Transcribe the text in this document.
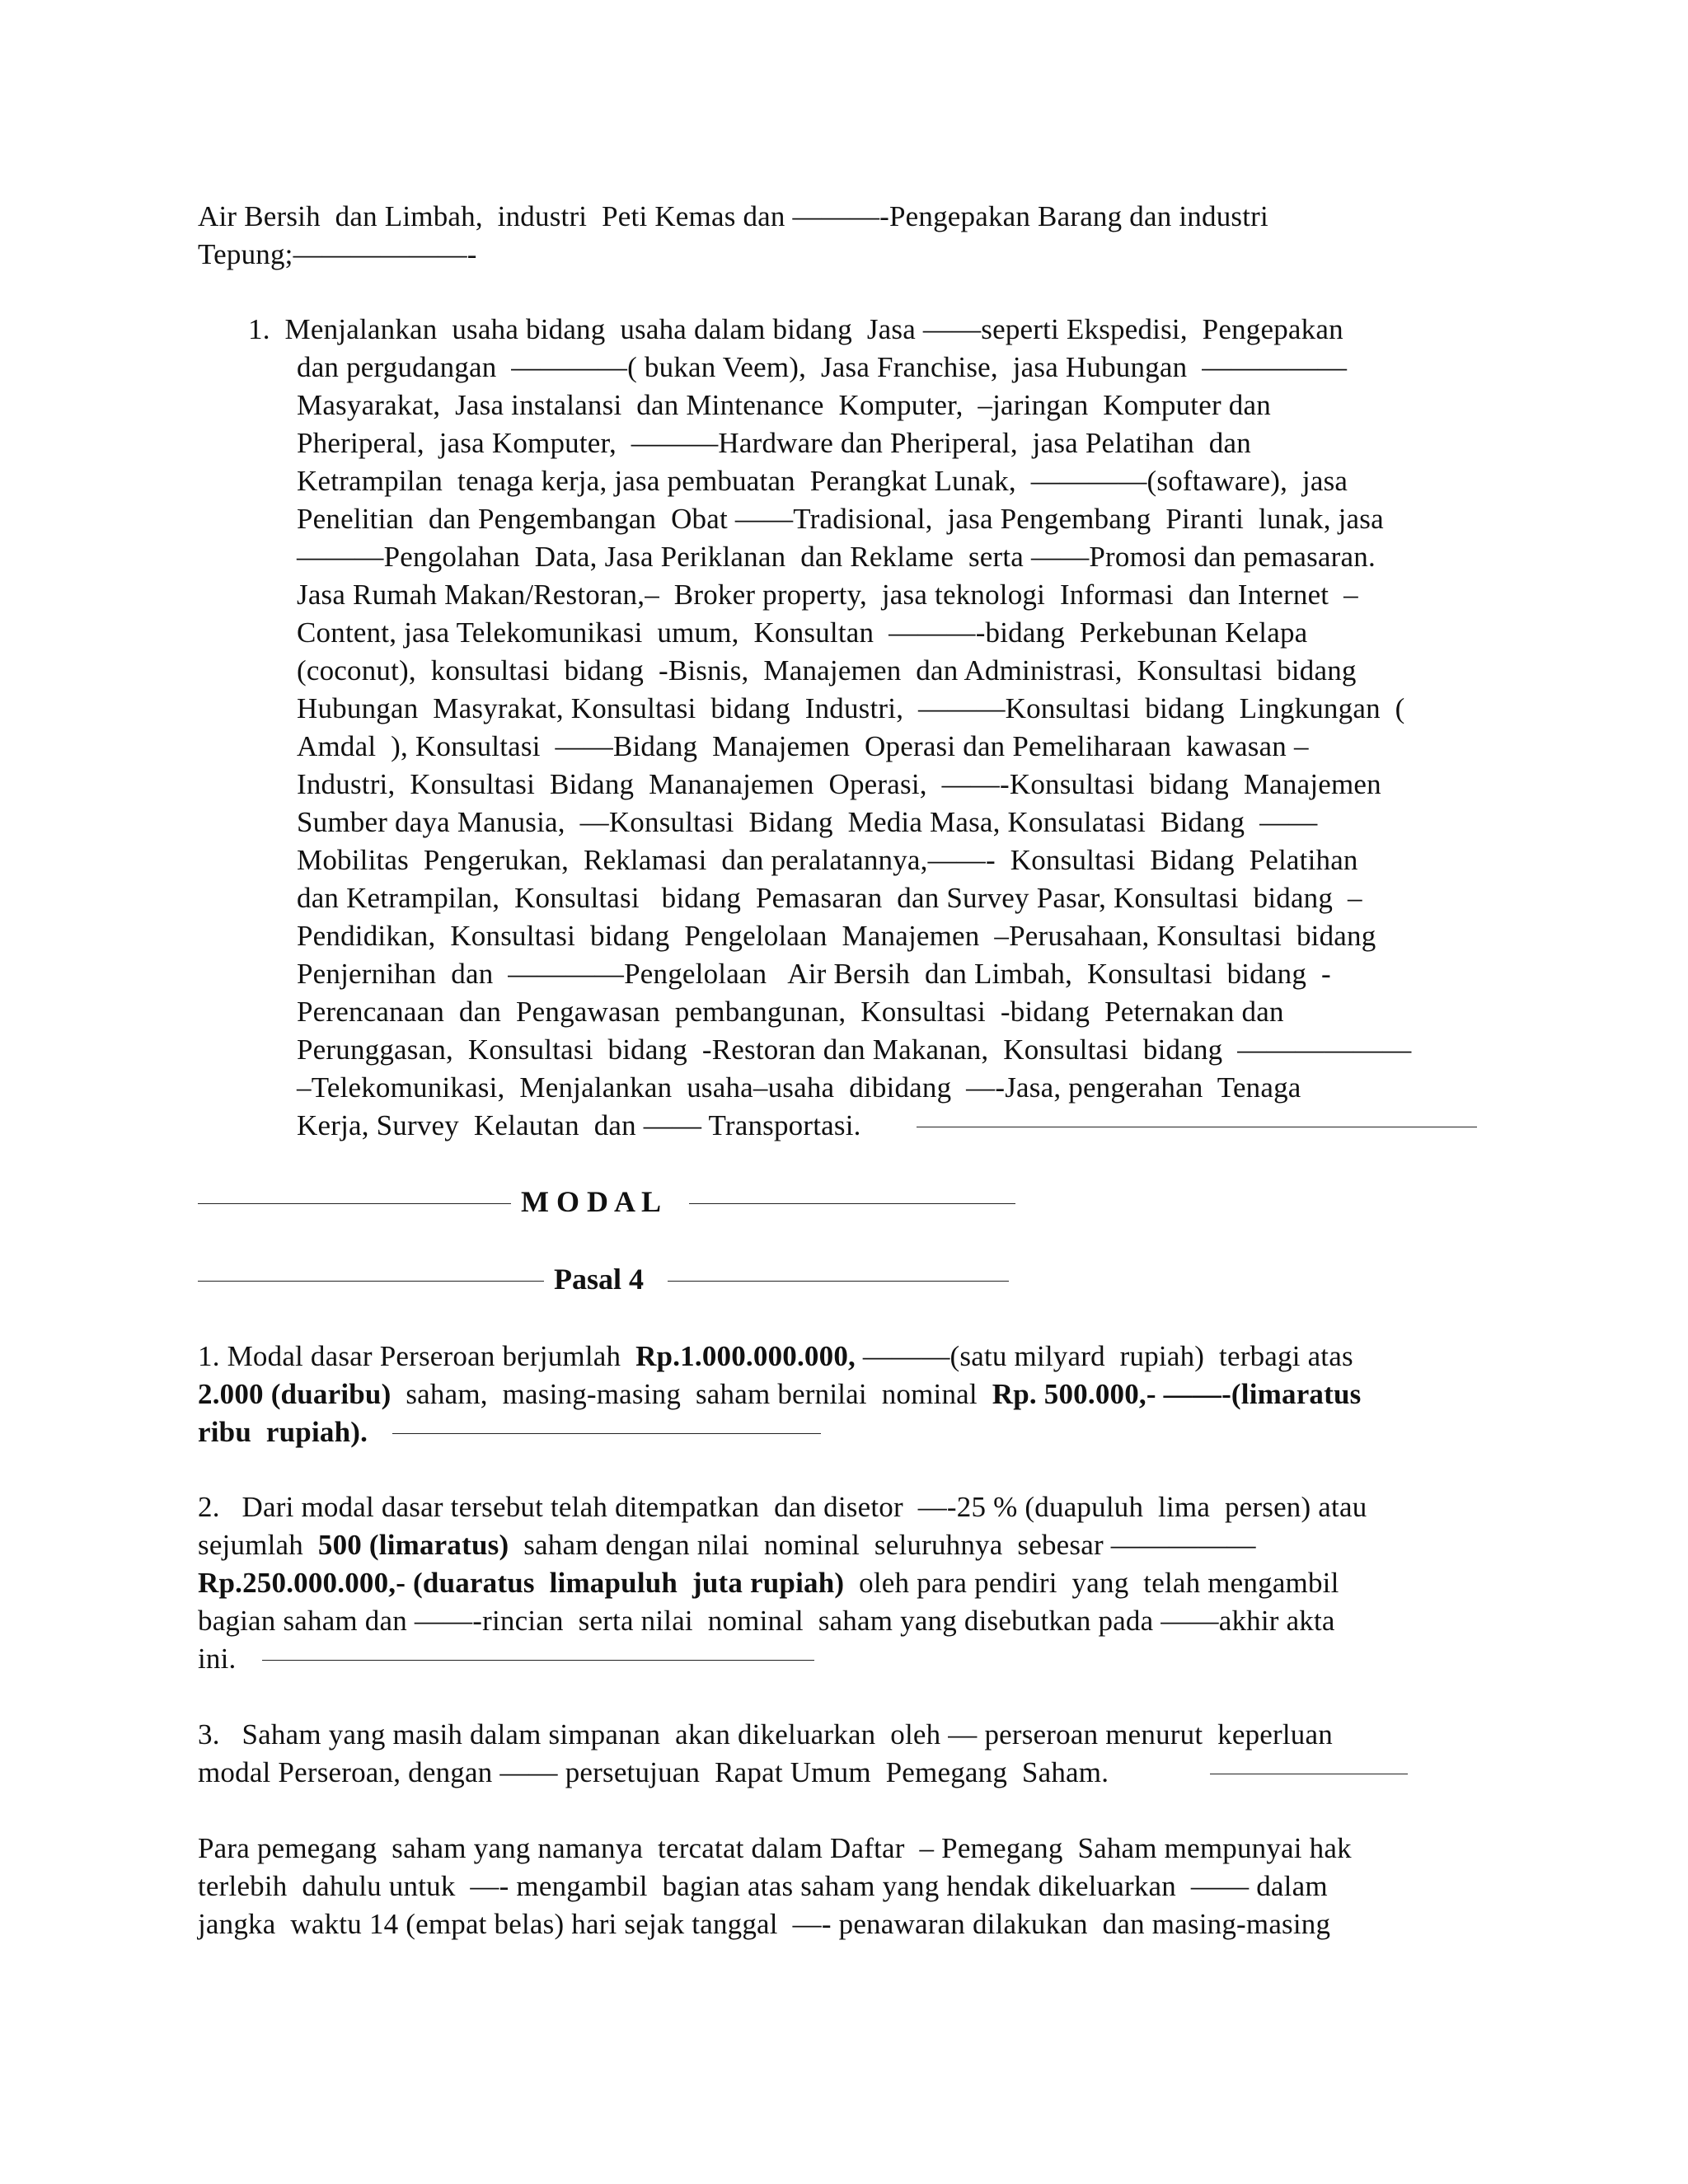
Air Bersih  dan Limbah,  industri  Peti Kemas dan ———-Pengepakan Barang dan industri
Tepung;——————-
1.  Menjalankan  usaha bidang  usaha dalam bidang  Jasa ——seperti Ekspedisi,  Pengepakan
dan pergudangan  ————( bukan Veem),  Jasa Franchise,  jasa Hubungan  —————
Masyarakat,  Jasa instalansi  dan Mintenance  Komputer,  –jaringan  Komputer dan
Pheriperal,  jasa Komputer,  ———Hardware dan Pheriperal,  jasa Pelatihan  dan
Ketrampilan  tenaga kerja, jasa pembuatan  Perangkat Lunak,  ————(softaware),  jasa
Penelitian  dan Pengembangan  Obat ——Tradisional,  jasa Pengembang  Piranti  lunak, jasa
———Pengolahan  Data, Jasa Periklanan  dan Reklame  serta ——Promosi dan pemasaran.
Jasa Rumah Makan/Restoran,–  Broker property,  jasa teknologi  Informasi  dan Internet  –
Content, jasa Telekomunikasi  umum,  Konsultan  ———-bidang  Perkebunan Kelapa
(coconut),  konsultasi  bidang  -Bisnis,  Manajemen  dan Administrasi,  Konsultasi  bidang
Hubungan  Masyrakat, Konsultasi  bidang  Industri,  ———Konsultasi  bidang  Lingkungan  (
Amdal  ), Konsultasi  ——Bidang  Manajemen  Operasi dan Pemeliharaan  kawasan –
Industri,  Konsultasi  Bidang  Mananajemen  Operasi,  ——-Konsultasi  bidang  Manajemen
Sumber daya Manusia,  —Konsultasi  Bidang  Media Masa, Konsulatasi  Bidang  ——
Mobilitas  Pengerukan,  Reklamasi  dan peralatannya,——-  Konsultasi  Bidang  Pelatihan
dan Ketrampilan,  Konsultasi   bidang  Pemasaran  dan Survey Pasar, Konsultasi  bidang  –
Pendidikan,  Konsultasi  bidang  Pengelolaan  Manajemen  –Perusahaan, Konsultasi  bidang
Penjernihan  dan  ————Pengelolaan   Air Bersih  dan Limbah,  Konsultasi  bidang  -
Perencanaan  dan  Pengawasan  pembangunan,  Konsultasi  -bidang  Peternakan dan
Perunggasan,  Konsultasi  bidang  -Restoran dan Makanan,  Konsultasi  bidang  ——————
–Telekomunikasi,  Menjalankan  usaha–usaha  dibidang  —-Jasa, pengerahan  Tenaga
Kerja, Survey  Kelautan  dan —— Transportasi.
M O D A L
Pasal 4
1. Modal dasar Perseroan berjumlah  Rp.1.000.000.000, ———(satu milyard  rupiah)  terbagi atas
2.000 (duaribu)  saham,  masing-masing  saham bernilai  nominal  Rp. 500.000,- ——-(limaratus
ribu  rupiah).
2.   Dari modal dasar tersebut telah ditempatkan  dan disetor  —-25 % (duapuluh  lima  persen) atau
sejumlah  500 (limaratus)  saham dengan nilai  nominal  seluruhnya  sebesar —————
Rp.250.000.000,- (duaratus  limapuluh  juta rupiah)  oleh para pendiri  yang  telah mengambil
bagian saham dan ——-rincian  serta nilai  nominal  saham yang disebutkan pada ——akhir akta
ini.
3.   Saham yang masih dalam simpanan  akan dikeluarkan  oleh — perseroan menurut  keperluan
modal Perseroan, dengan —— persetujuan  Rapat Umum  Pemegang  Saham.
Para pemegang  saham yang namanya  tercatat dalam Daftar  – Pemegang  Saham mempunyai hak
terlebih  dahulu untuk  —- mengambil  bagian atas saham yang hendak dikeluarkan  —— dalam
jangka  waktu 14 (empat belas) hari sejak tanggal  —- penawaran dilakukan  dan masing-masing
